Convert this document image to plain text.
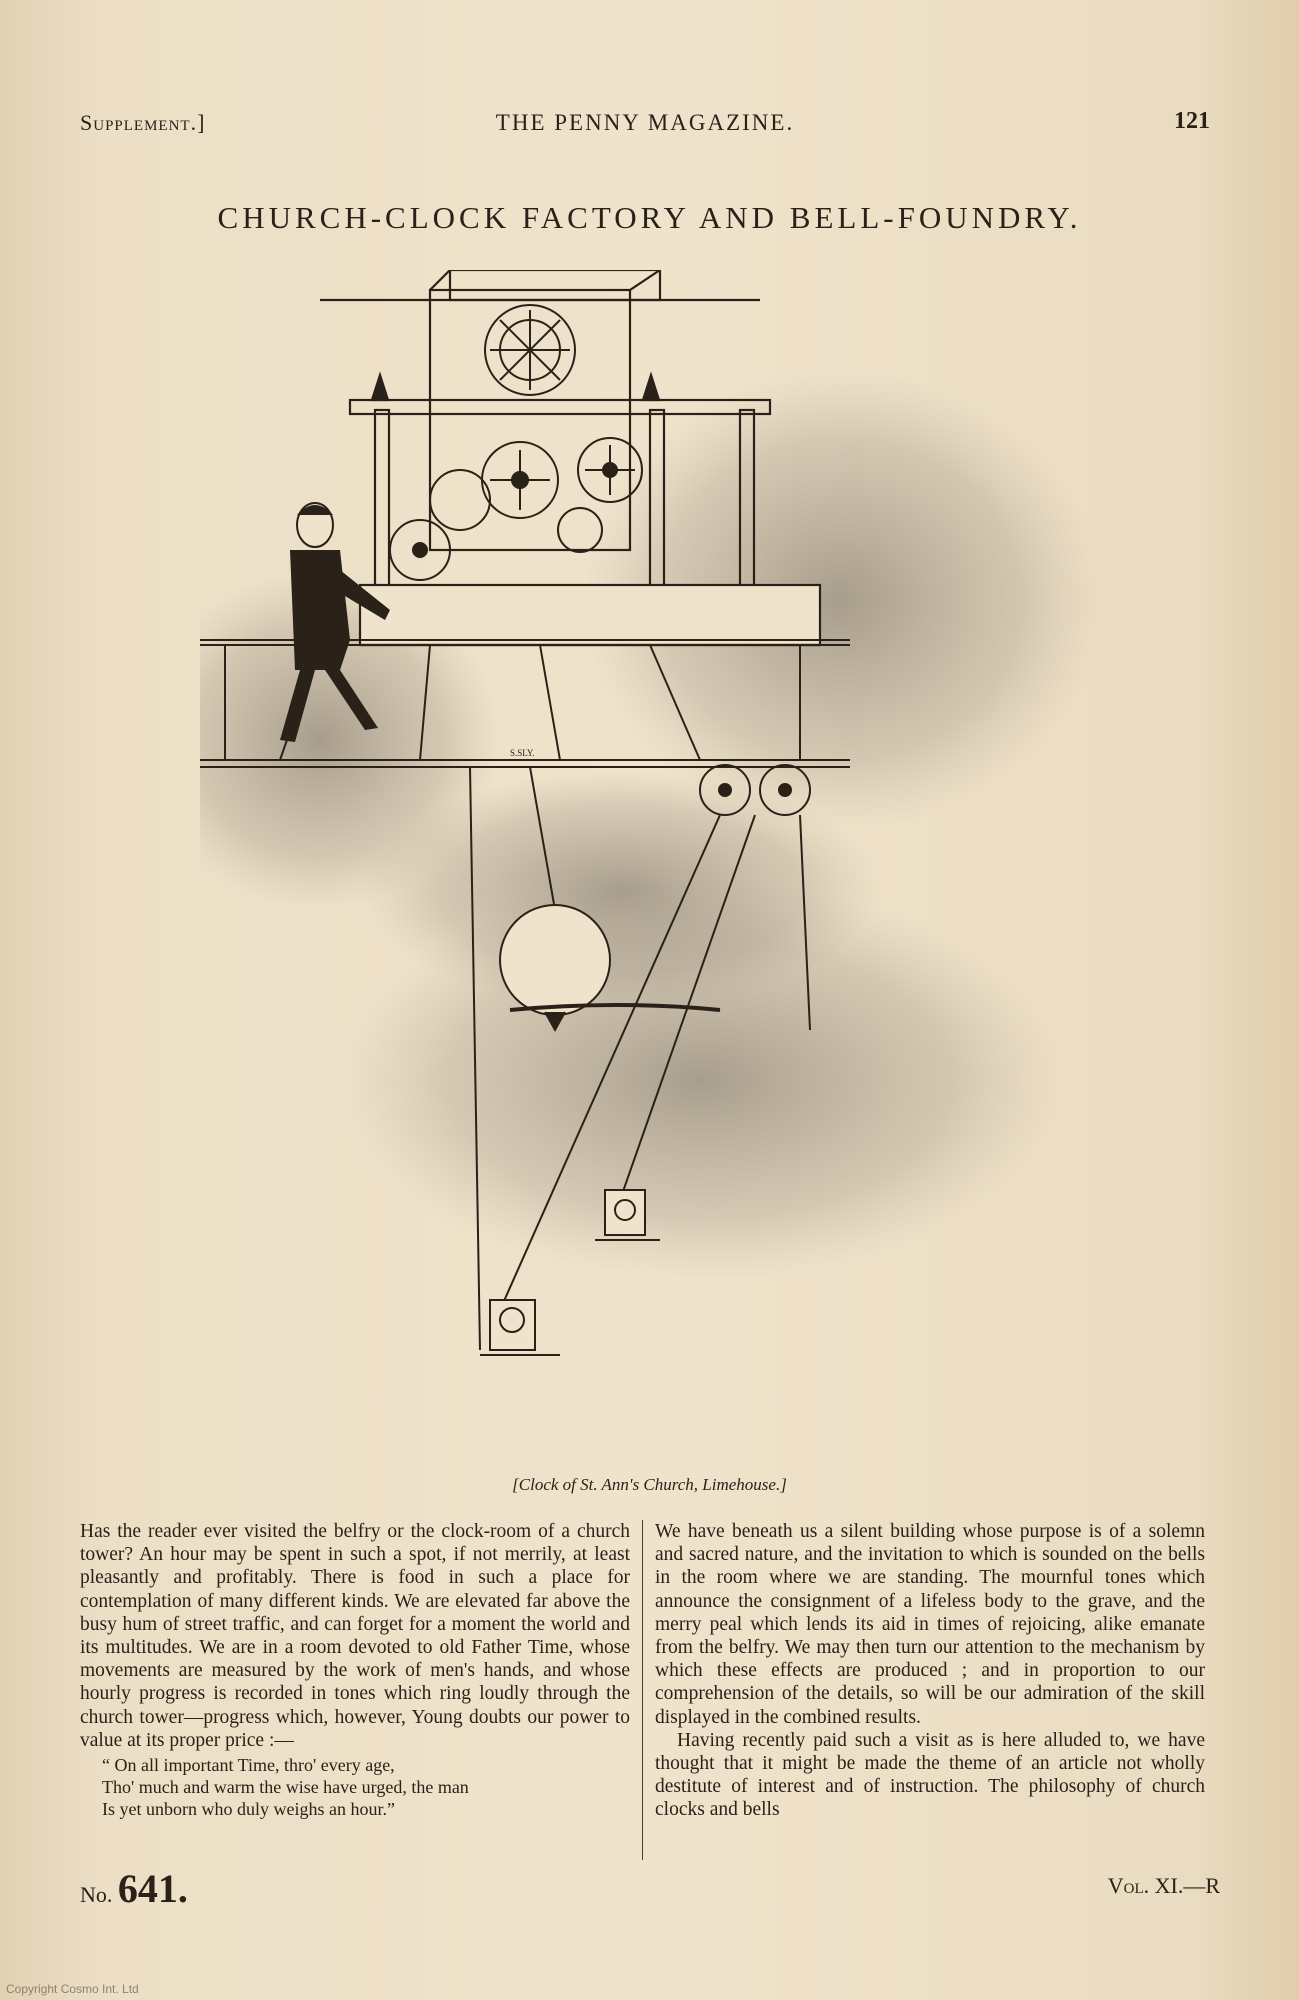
Supplement.]	THE PENNY MAGAZINE.	121
CHURCH-CLOCK FACTORY AND BELL-FOUNDRY.
S.SLY.
[Clock of St. Ann's Church, Limehouse.]

Has the reader ever visited the belfry or the clock-room of a church tower? An hour may be spent in such a spot, if not merrily, at least pleasantly and profitably. There is food in such a place for contemplation of many different kinds. We are elevated far above the busy hum of street traffic, and can forget for a moment the world and its multitudes. We are in a room devoted to old Father Time, whose movements are measured by the work of men's hands, and whose hourly progress is recorded in tones which ring loudly through the church tower—progress which, however, Young doubts our power to value at its proper price :—

“ On all important Time, thro' every age,
Tho' much and warm the wise have urged, the man
Is yet unborn who duly weighs an hour.”

We have beneath us a silent building whose purpose is of a solemn and sacred nature, and the invitation to which is sounded on the bells in the room where we are standing. The mournful tones which announce the consignment of a lifeless body to the grave, and the merry peal which lends its aid in times of rejoicing, alike emanate from the belfry. We may then turn our attention to the mechanism by which these effects are produced ; and in proportion to our comprehension of the details, so will be our admiration of the skill displayed in the combined results.

Having recently paid such a visit as is here alluded to, we have thought that it might be made the theme of an article not wholly destitute of interest and of instruction. The philosophy of church clocks and bells

No. 641.	Vol. XI.—R
Copyright Cosmo Int. Ltd
